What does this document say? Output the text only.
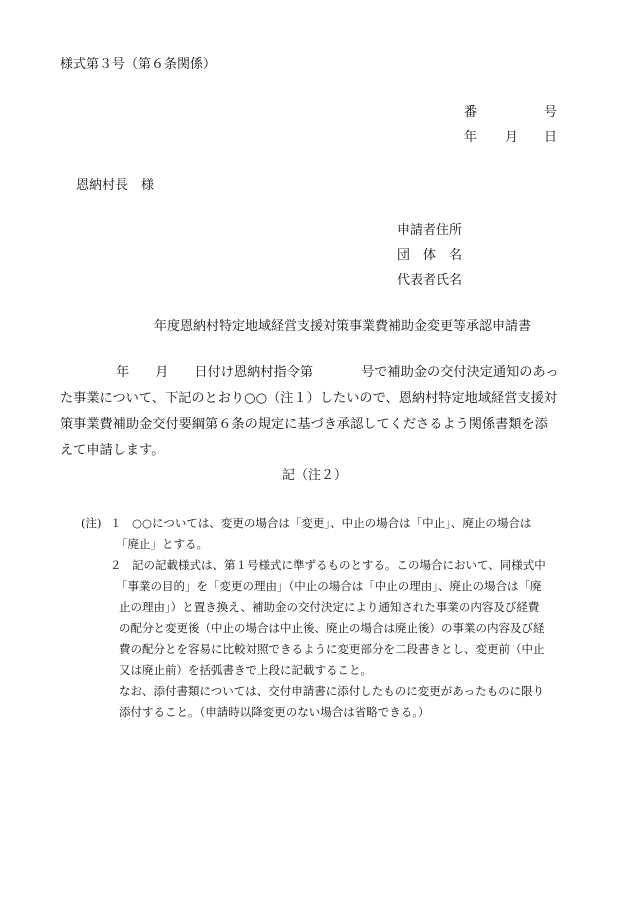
様式第３号（第６条関係）
番	号
年 月 日
恩納村長　様
申請者住所
団　体　名
代表者氏名
年度恩納村特定地域経営支援対策事業費補助金変更等承認申請書
年 月 日付け恩納村指令第	号で補助金の交付決定通知のあっ
た事業について、下記のとおり○○（注１）したいので、恩納村特定地域経営支援対
策事業費補助金交付要綱第６条の規定に基づき承認してくださるよう関係書類を添
えて申請します。
記（注２）
(注) １ ○○については、変更の場合は「変更」、中止の場合は「中止」、廃止の場合は
「廃止」とする。
２ 記の記載様式は、第１号様式に準ずるものとする。この場合において、同様式中
「事業の目的」を「変更の理由」（中止の場合は「中止の理由」、廃止の場合は「廃
止の理由」）と置き換え、補助金の交付決定により通知された事業の内容及び経費
の配分と変更後（中止の場合は中止後、廃止の場合は廃止後）の事業の内容及び経
費の配分とを容易に比較対照できるように変更部分を二段書きとし、変更前（中止
又は廃止前）を括弧書きで上段に記載すること。
なお、添付書類については、交付申請書に添付したものに変更があったものに限り
添付すること。（申請時以降変更のない場合は省略できる。）
